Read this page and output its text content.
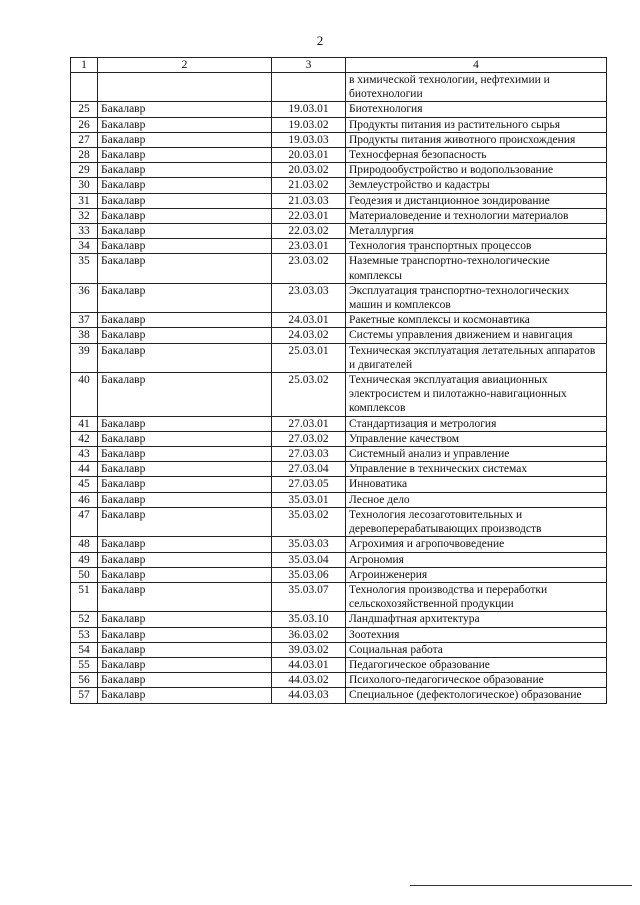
2
1	2	3	4
			в химической технологии, нефтехимии и биотехнологии
25	Бакалавр	19.03.01	Биотехнология
26	Бакалавр	19.03.02	Продукты питания из растительного сырья
27	Бакалавр	19.03.03	Продукты питания животного происхождения
28	Бакалавр	20.03.01	Техносферная безопасность
29	Бакалавр	20.03.02	Природообустройство и водопользование
30	Бакалавр	21.03.02	Землеустройство и кадастры
31	Бакалавр	21.03.03	Геодезия и дистанционное зондирование
32	Бакалавр	22.03.01	Материаловедение и технологии материалов
33	Бакалавр	22.03.02	Металлургия
34	Бакалавр	23.03.01	Технология транспортных процессов
35	Бакалавр	23.03.02	Наземные транспортно-технологические комплексы
36	Бакалавр	23.03.03	Эксплуатация транспортно-технологических машин и комплексов
37	Бакалавр	24.03.01	Ракетные комплексы и космонавтика
38	Бакалавр	24.03.02	Системы управления движением и навигация
39	Бакалавр	25.03.01	Техническая эксплуатация летательных аппаратов и двигателей
40	Бакалавр	25.03.02	Техническая эксплуатация авиационных электросистем и пилотажно-навигационных комплексов
41	Бакалавр	27.03.01	Стандартизация и метрология
42	Бакалавр	27.03.02	Управление качеством
43	Бакалавр	27.03.03	Системный анализ и управление
44	Бакалавр	27.03.04	Управление в технических системах
45	Бакалавр	27.03.05	Инноватика
46	Бакалавр	35.03.01	Лесное дело
47	Бакалавр	35.03.02	Технология лесозаготовительных и деревоперерабатывающих производств
48	Бакалавр	35.03.03	Агрохимия и агропочвоведение
49	Бакалавр	35.03.04	Агрономия
50	Бакалавр	35.03.06	Агроинженерия
51	Бакалавр	35.03.07	Технология производства и переработки сельскохозяйственной продукции
52	Бакалавр	35.03.10	Ландшафтная архитектура
53	Бакалавр	36.03.02	Зоотехния
54	Бакалавр	39.03.02	Социальная работа
55	Бакалавр	44.03.01	Педагогическое образование
56	Бакалавр	44.03.02	Психолого-педагогическое образование
57	Бакалавр	44.03.03	Специальное (дефектологическое) образование
